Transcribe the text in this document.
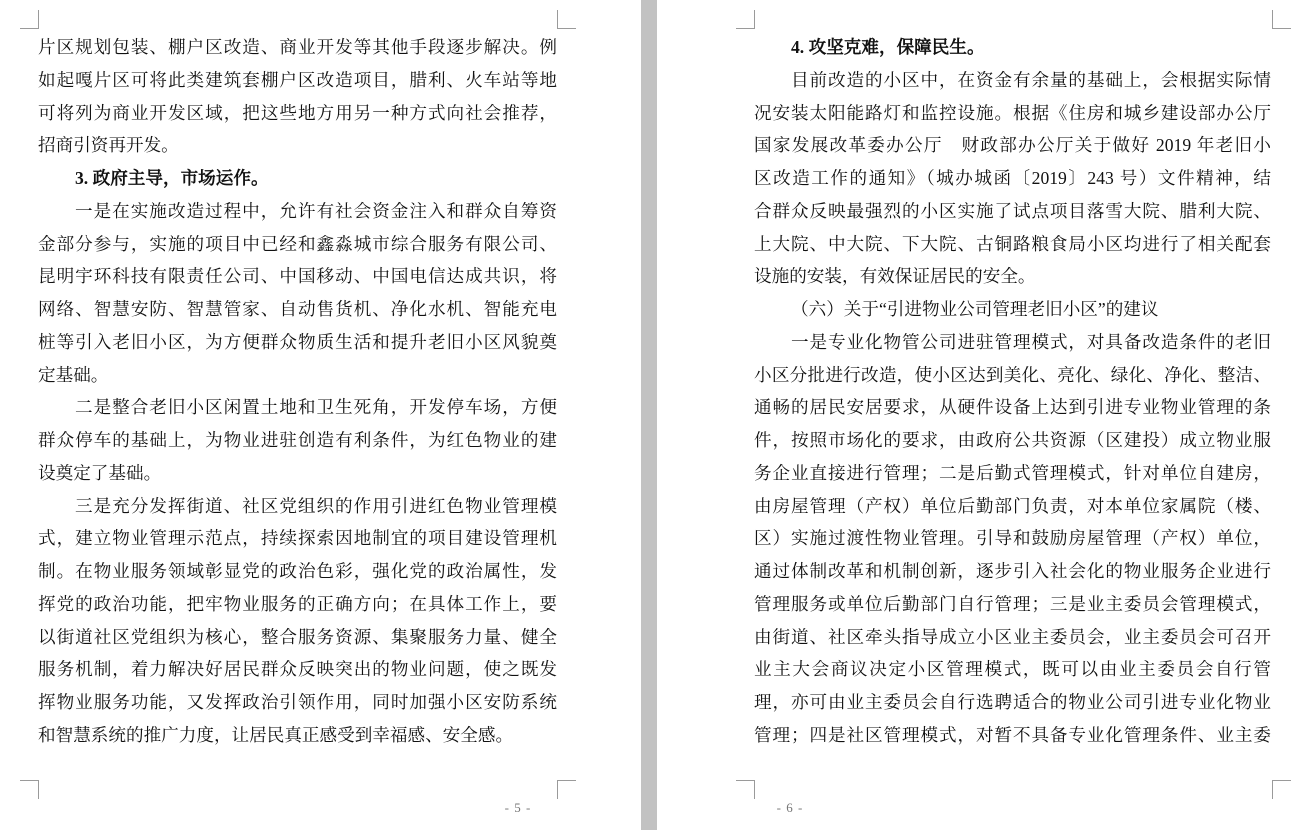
片区规划包装、棚户区改造、商业开发等其他手段逐步解决。例
如起嘎片区可将此类建筑套棚户区改造项目，腊利、火车站等地
可将列为商业开发区域，把这些地方用另一种方式向社会推荐，
招商引资再开发。
3. 政府主导，市场运作。
一是在实施改造过程中，允许有社会资金注入和群众自筹资
金部分参与，实施的项目中已经和鑫淼城市综合服务有限公司、
昆明宇环科技有限责任公司、中国移动、中国电信达成共识，将
网络、智慧安防、智慧管家、自动售货机、净化水机、智能充电
桩等引入老旧小区，为方便群众物质生活和提升老旧小区风貌奠
定基础。
二是整合老旧小区闲置土地和卫生死角，开发停车场，方便
群众停车的基础上，为物业进驻创造有利条件，为红色物业的建
设奠定了基础。
三是充分发挥街道、社区党组织的作用引进红色物业管理模
式，建立物业管理示范点，持续探索因地制宜的项目建设管理机
制。在物业服务领域彰显党的政治色彩，强化党的政治属性，发
挥党的政治功能，把牢物业服务的正确方向；在具体工作上，要
以街道社区党组织为核心，整合服务资源、集聚服务力量、健全
服务机制，着力解决好居民群众反映突出的物业问题，使之既发
挥物业服务功能，又发挥政治引领作用，同时加强小区安防系统
和智慧系统的推广力度，让居民真正感受到幸福感、安全感。
- 5 -
4. 攻坚克难，保障民生。
目前改造的小区中，在资金有余量的基础上，会根据实际情
况安装太阳能路灯和监控设施。根据《住房和城乡建设部办公厅
国家发展改革委办公厅　财政部办公厅关于做好 2019 年老旧小
区改造工作的通知》（城办城函〔2019〕243 号）文件精神，结
合群众反映最强烈的小区实施了试点项目落雪大院、腊利大院、
上大院、中大院、下大院、古铜路粮食局小区均进行了相关配套
设施的安装，有效保证居民的安全。
（六）关于“引进物业公司管理老旧小区”的建议
一是专业化物管公司进驻管理模式，对具备改造条件的老旧
小区分批进行改造，使小区达到美化、亮化、绿化、净化、整洁、
通畅的居民安居要求，从硬件设备上达到引进专业物业管理的条
件，按照市场化的要求，由政府公共资源（区建投）成立物业服
务企业直接进行管理；二是后勤式管理模式，针对单位自建房，
由房屋管理（产权）单位后勤部门负责，对本单位家属院（楼、
区）实施过渡性物业管理。引导和鼓励房屋管理（产权）单位，
通过体制改革和机制创新，逐步引入社会化的物业服务企业进行
管理服务或单位后勤部门自行管理；三是业主委员会管理模式，
由街道、社区牵头指导成立小区业主委员会，业主委员会可召开
业主大会商议决定小区管理模式，既可以由业主委员会自行管
理，亦可由业主委员会自行选聘适合的物业公司引进专业化物业
管理；四是社区管理模式，对暂不具备专业化管理条件、业主委
- 6 -
